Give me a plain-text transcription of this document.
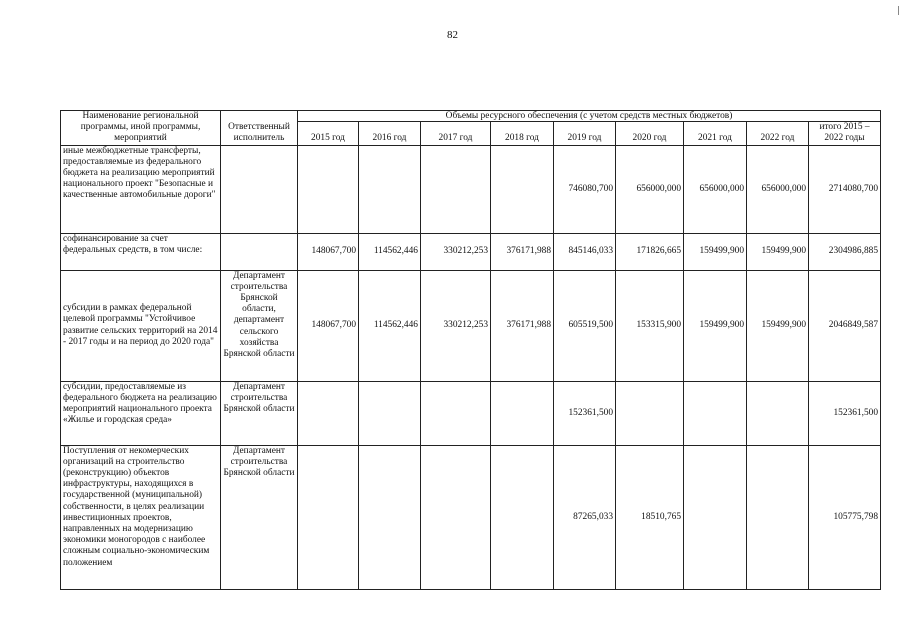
82
Наименование региональной программы, иной программы, мероприятий	Ответственный исполнитель	Объемы ресурсного обеспечения (с учетом средств местных бюджетов)								
		2015 год	2016 год	2017 год	2018 год	2019 год	2020 год	2021 год	2022 год	итого 2015 – 2022 годы
иные межбюджетные трансферты, предоставляемые из федерального бюджета на реализацию мероприятий национального проект "Безопасные и качественные автомобильные дороги"						746080,700	656000,000	656000,000	656000,000	2714080,700
софинансирование за счет федеральных средств, в том числе:		148067,700	114562,446	330212,253	376171,988	845146,033	171826,665	159499,900	159499,900	2304986,885
субсидии в рамках федеральной целевой программы "Устойчивое развитие сельских территорий на 2014 - 2017 годы и на период до 2020 года"	Департамент строительства Брянской области, департамент сельского хозяйства Брянской области	148067,700	114562,446	330212,253	376171,988	605519,500	153315,900	159499,900	159499,900	2046849,587
субсидии, предоставляемые из федерального бюджета на реализацию мероприятий национального проекта «Жилье и городская среда»	Департамент строительства Брянской области					152361,500				152361,500
Поступления от некомерческих организаций на строительство (реконструкцию) объектов инфраструктуры, находящихся в государственной (муниципальной) собственности, в целях реализации инвестиционных проектов, направленных на модернизацию экономики моногородов с наиболее сложным социально-экономическим положением	Департамент строительства Брянской области					87265,033	18510,765			105775,798
